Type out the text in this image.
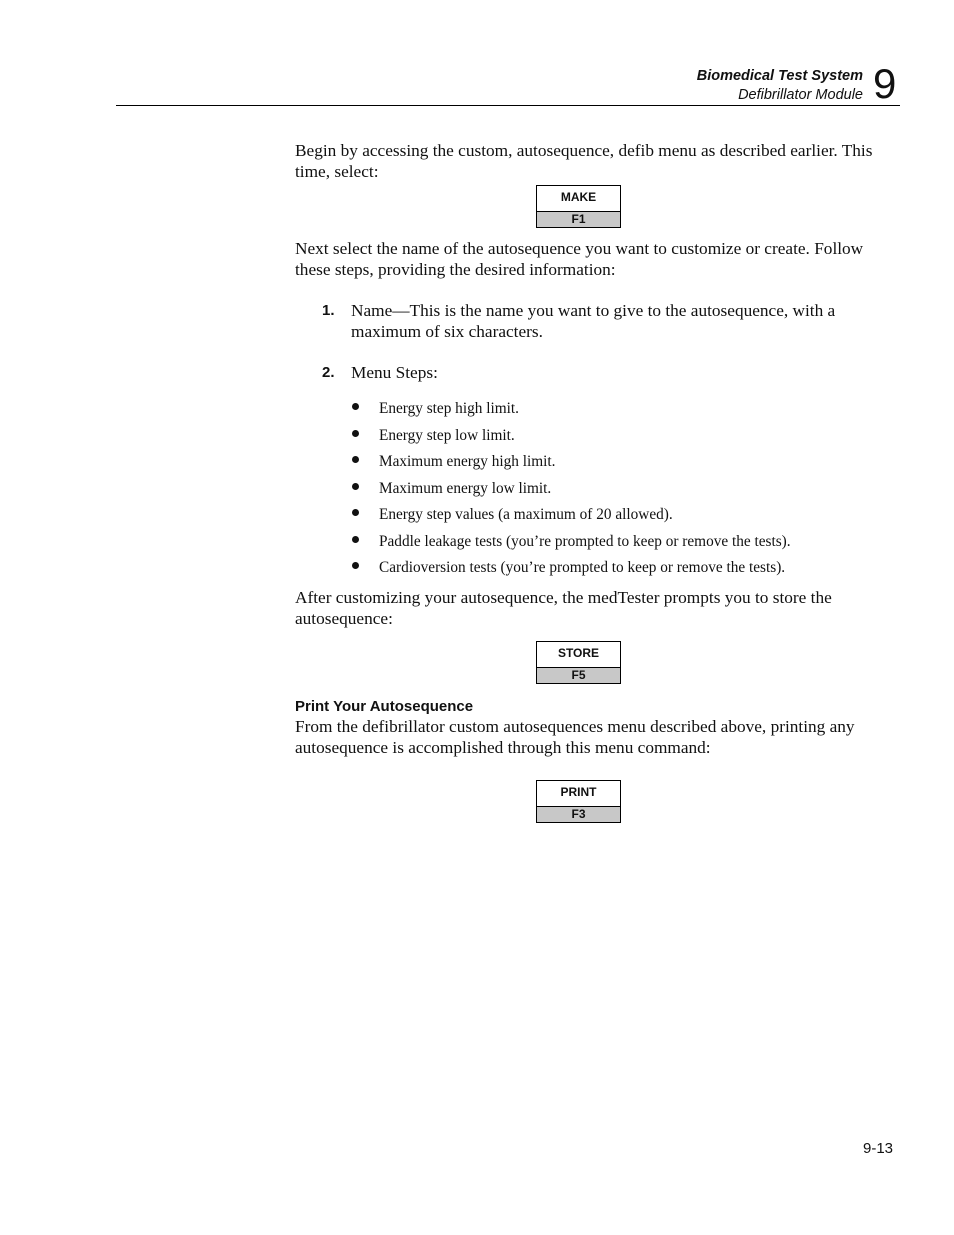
Biomedical Test System
Defibrillator Module 9
Begin by accessing the custom, autosequence, defib menu as described earlier. This time, select:
MAKE
F1
Next select the name of the autosequence you want to customize or create. Follow these steps, providing the desired information:
1. Name—This is the name you want to give to the autosequence, with a maximum of six characters.
2. Menu Steps:
Energy step high limit.
Energy step low limit.
Maximum energy high limit.
Maximum energy low limit.
Energy step values (a maximum of 20 allowed).
Paddle leakage tests (you’re prompted to keep or remove the tests).
Cardioversion tests (you’re prompted to keep or remove the tests).
After customizing your autosequence, the medTester prompts you to store the autosequence:
STORE
F5
Print Your Autosequence
From the defibrillator custom autosequences menu described above, printing any autosequence is accomplished through this menu command:
PRINT
F3
9-13
